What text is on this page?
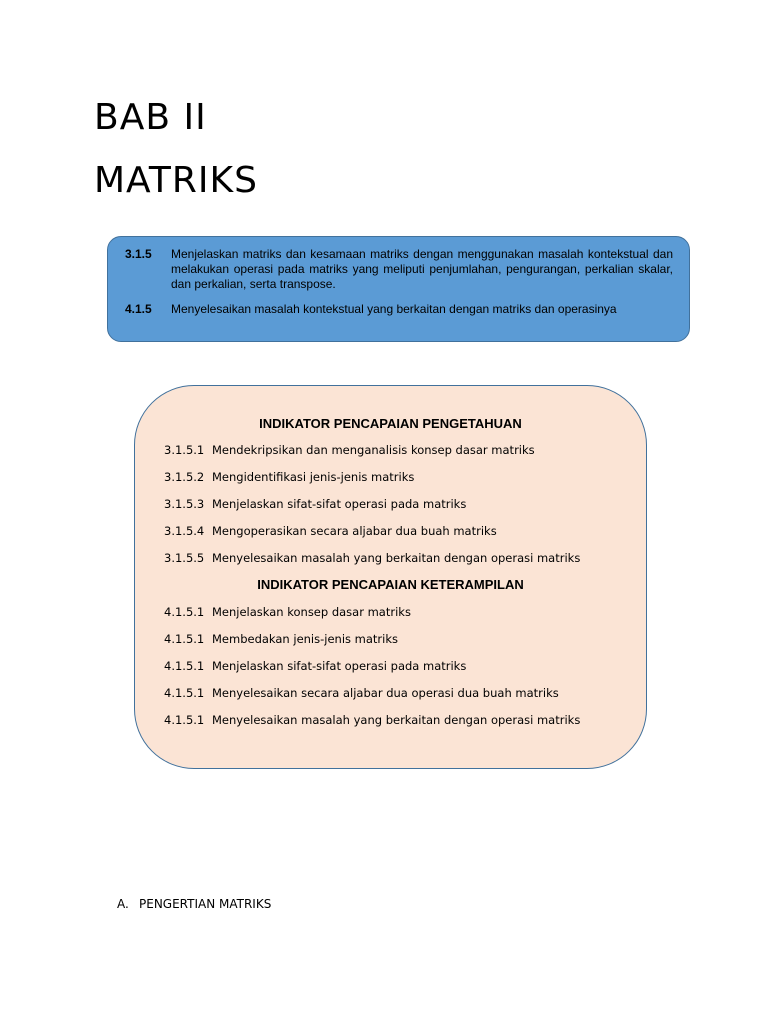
BAB II
MATRIKS
3.1.5	Menjelaskan matriks dan kesamaan matriks dengan menggunakan masalah kontekstual dan melakukan operasi pada matriks yang meliputi penjumlahan, pengurangan, perkalian skalar, dan perkalian, serta transpose.
4.1.5	Menyelesaikan masalah kontekstual yang berkaitan dengan matriks dan operasinya
INDIKATOR PENCAPAIAN PENGETAHUAN
3.1.5.1 Mendekripsikan dan menganalisis konsep dasar matriks
3.1.5.2 Mengidentifikasi jenis-jenis matriks
3.1.5.3 Menjelaskan sifat-sifat operasi pada matriks
3.1.5.4 Mengoperasikan secara aljabar dua buah matriks
3.1.5.5 Menyelesaikan masalah yang berkaitan dengan operasi matriks
INDIKATOR PENCAPAIAN KETERAMPILAN
4.1.5.1 Menjelaskan konsep dasar matriks
4.1.5.1 Membedakan jenis-jenis matriks
4.1.5.1 Menjelaskan sifat-sifat operasi pada matriks
4.1.5.1 Menyelesaikan secara aljabar dua operasi dua buah matriks
4.1.5.1 Menyelesaikan masalah yang berkaitan dengan operasi matriks
A. PENGERTIAN MATRIKS
